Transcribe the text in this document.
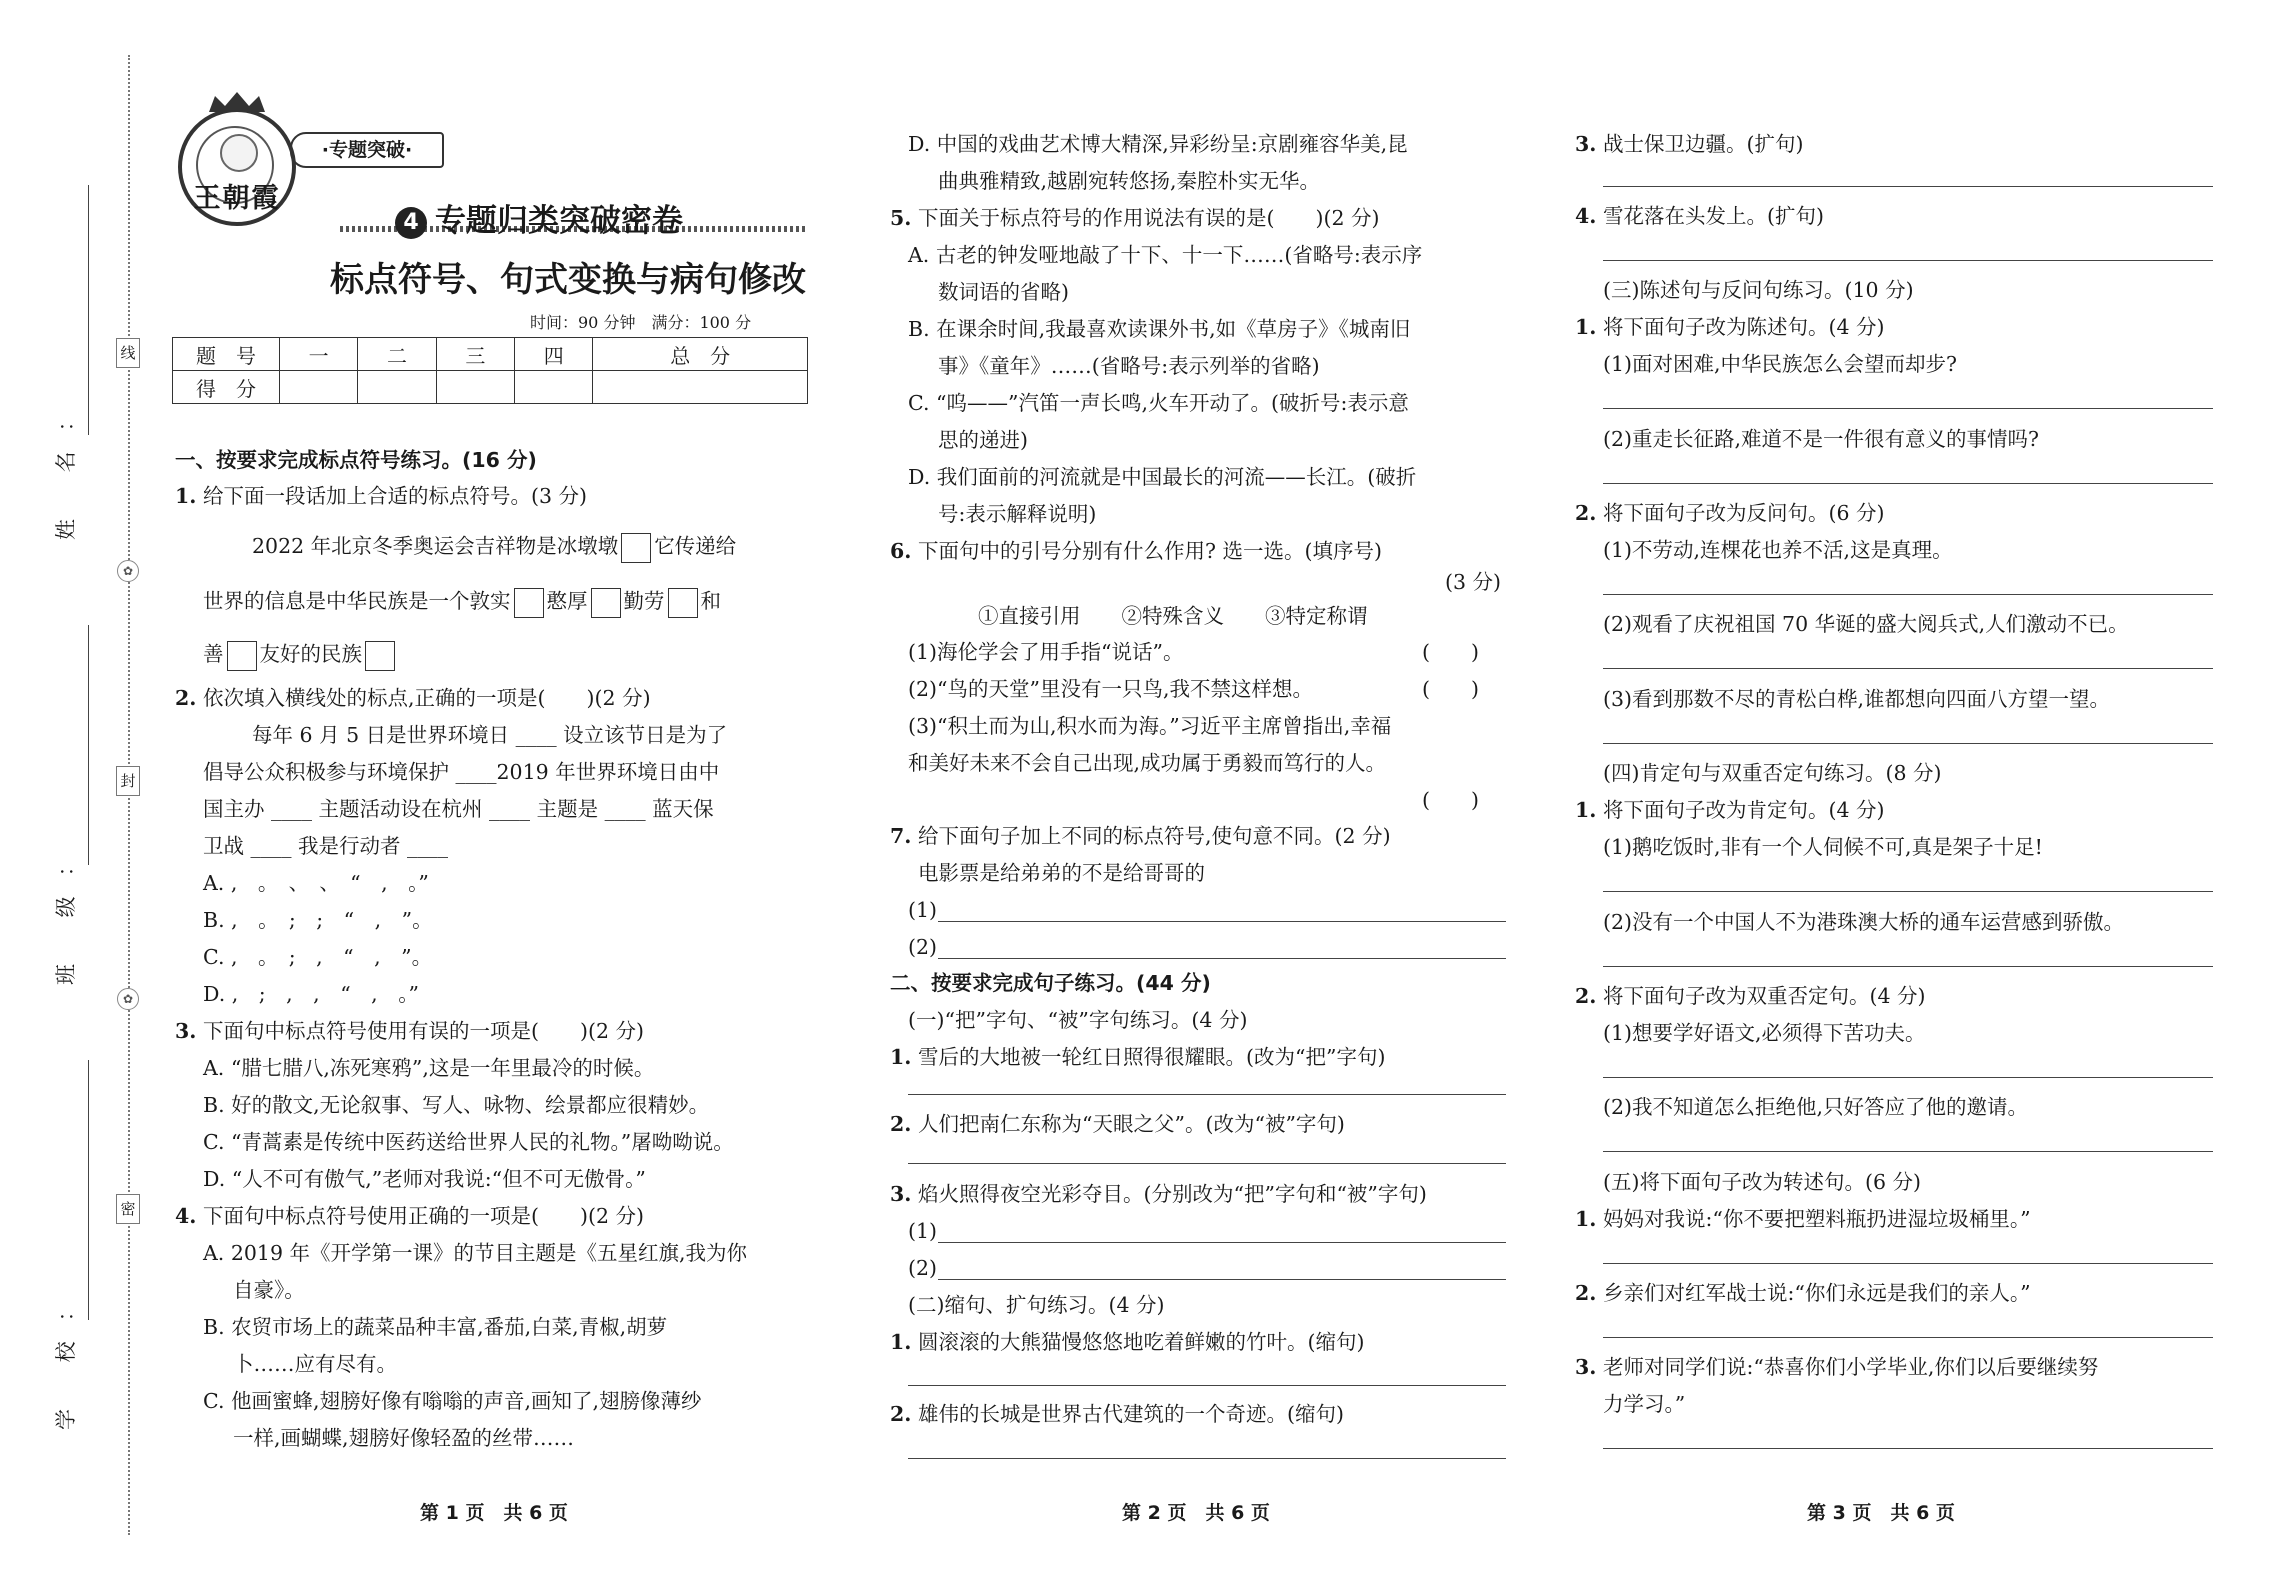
线
✿
封
✿
密
姓 名：
班 级：
学 校：
王朝霞
·专题突破·
4 专题归类突破密卷
标点符号、句式变换与病句修改
时间：90 分钟　满分：100 分
题　号	一	二	三	四	总　分
得　分					
一、按要求完成标点符号练习。(16 分)
1. 给下面一段话加上合适的标点符号。(3 分)
2022 年北京冬季奥运会吉祥物是冰墩墩 它传递给
世界的信息是中华民族是一个敦实 憨厚 勤劳 和
善 友好的民族
2. 依次填入横线处的标点,正确的一项是(　　)(2 分)
每年 6 月 5 日是世界环境日 ____ 设立该节日是为了
倡导公众积极参与环境保护 ____2019 年世界环境日由中
国主办 ____ 主题活动设在杭州 ____ 主题是 ____ 蓝天保
卫战 ____ 我是行动者 ____
A. ,　。　、　、　“　,　。”
B. ,　。　;　;　“　,　”。
C. ,　。　;　,　“　,　”。
D. ,　;　,　,　“　,　。”
3. 下面句中标点符号使用有误的一项是(　　)(2 分)
A. “腊七腊八,冻死寒鸦”,这是一年里最冷的时候。
B. 好的散文,无论叙事、写人、咏物、绘景都应很精妙。
C. “青蒿素是传统中医药送给世界人民的礼物。”屠呦呦说。
D. “人不可有傲气,”老师对我说:“但不可无傲骨。”
4. 下面句中标点符号使用正确的一项是(　　)(2 分)
A. 2019 年《开学第一课》的节目主题是《五星红旗,我为你
自豪》。
B. 农贸市场上的蔬菜品种丰富,番茄,白菜,青椒,胡萝
卜……应有尽有。
C. 他画蜜蜂,翅膀好像有嗡嗡的声音,画知了,翅膀像薄纱
一样,画蝴蝶,翅膀好像轻盈的丝带……
第 1 页　共 6 页
D. 中国的戏曲艺术博大精深,异彩纷呈:京剧雍容华美,昆
曲典雅精致,越剧宛转悠扬,秦腔朴实无华。
5. 下面关于标点符号的作用说法有误的是(　　)(2 分)
A. 古老的钟发哑地敲了十下、十一下……(省略号:表示序
数词语的省略)
B. 在课余时间,我最喜欢读课外书,如《草房子》《城南旧
事》《童年》……(省略号:表示列举的省略)
C. “呜——”汽笛一声长鸣,火车开动了。(破折号:表示意
思的递进)
D. 我们面前的河流就是中国最长的河流——长江。(破折
号:表示解释说明)
6. 下面句中的引号分别有什么作用? 选一选。(填序号)
(3 分)
①直接引用　　②特殊含义　　③特定称谓
(1)海伦学会了用手指“说话”。	(　　)
(2)“鸟的天堂”里没有一只鸟,我不禁这样想。	(　　)
(3)“积土而为山,积水而为海。”习近平主席曾指出,幸福
和美好未来不会自己出现,成功属于勇毅而笃行的人。
(　　)
7. 给下面句子加上不同的标点符号,使句意不同。(2 分)
电影票是给弟弟的不是给哥哥的
(1)
(2)
二、按要求完成句子练习。(44 分)
(一)“把”字句、“被”字句练习。(4 分)
1. 雪后的大地被一轮红日照得很耀眼。(改为“把”字句)
2. 人们把南仁东称为“天眼之父”。(改为“被”字句)
3. 焰火照得夜空光彩夺目。(分别改为“把”字句和“被”字句)
(1)
(2)
(二)缩句、扩句练习。(4 分)
1. 圆滚滚的大熊猫慢悠悠地吃着鲜嫩的竹叶。(缩句)
2. 雄伟的长城是世界古代建筑的一个奇迹。(缩句)
第 2 页　共 6 页
3. 战士保卫边疆。(扩句)
4. 雪花落在头发上。(扩句)
(三)陈述句与反问句练习。(10 分)
1. 将下面句子改为陈述句。(4 分)
(1)面对困难,中华民族怎么会望而却步?
(2)重走长征路,难道不是一件很有意义的事情吗?
2. 将下面句子改为反问句。(6 分)
(1)不劳动,连棵花也养不活,这是真理。
(2)观看了庆祝祖国 70 华诞的盛大阅兵式,人们激动不已。
(3)看到那数不尽的青松白桦,谁都想向四面八方望一望。
(四)肯定句与双重否定句练习。(8 分)
1. 将下面句子改为肯定句。(4 分)
(1)鹅吃饭时,非有一个人伺候不可,真是架子十足!
(2)没有一个中国人不为港珠澳大桥的通车运营感到骄傲。
2. 将下面句子改为双重否定句。(4 分)
(1)想要学好语文,必须得下苦功夫。
(2)我不知道怎么拒绝他,只好答应了他的邀请。
(五)将下面句子改为转述句。(6 分)
1. 妈妈对我说:“你不要把塑料瓶扔进湿垃圾桶里。”
2. 乡亲们对红军战士说:“你们永远是我们的亲人。”
3. 老师对同学们说:“恭喜你们小学毕业,你们以后要继续努
力学习。”
第 3 页　共 6 页
